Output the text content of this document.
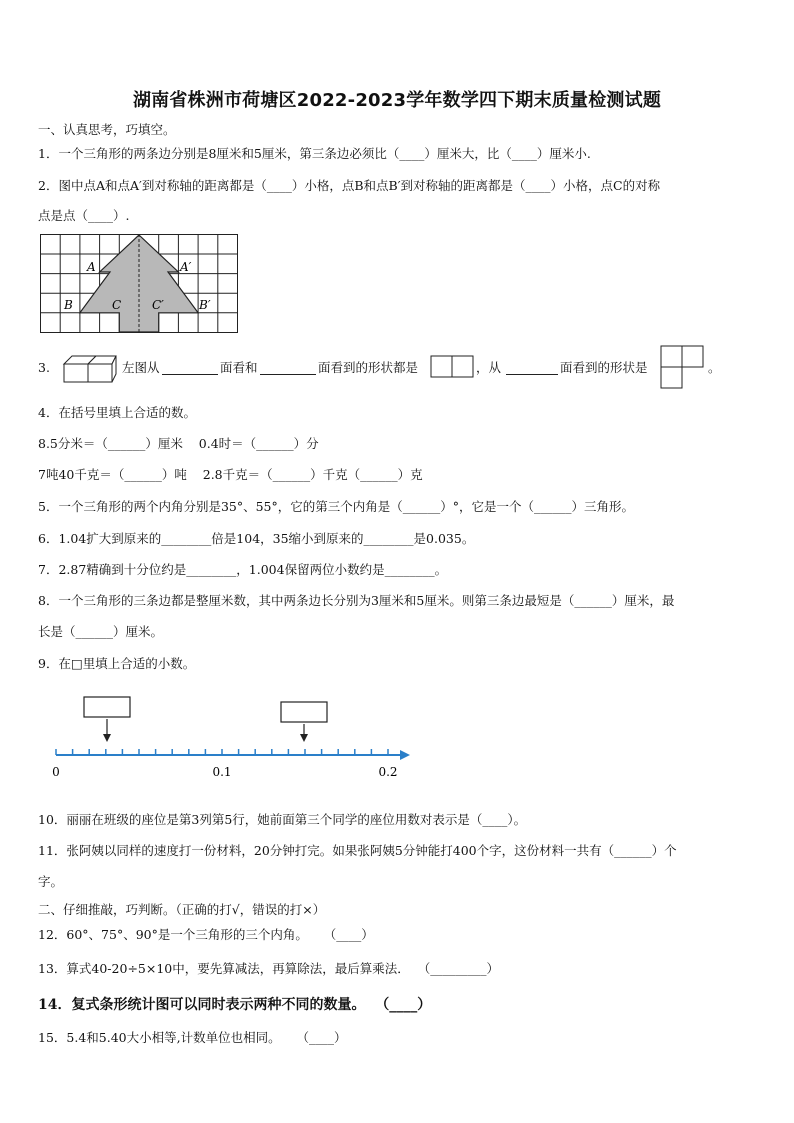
湖南省株洲市荷塘区2022-2023学年数学四下期末质量检测试题
一、认真思考，巧填空。
1．一个三角形的两条边分别是8厘米和5厘米，第三条边必须比（____）厘米大，比（____）厘米小.
2．图中点A和点A′到对称轴的距离都是（____）小格，点B和点B′到对称轴的距离都是（____）小格，点C的对称
点是点（____）.
A	A′
B	B′
C	C′
3.	左图从	面看和	面看到的形状都是	，从	面看到的形状是	。
4．在括号里填上合适的数。
8.5分米＝（______）厘米    0.4时＝（______）分
7吨40千克＝（______）吨    2.8千克＝（______）千克（______）克
5．一个三角形的两个内角分别是35°、55°，它的第三个内角是（______）°，它是一个（______）三角形。
6．1.04扩大到原来的________倍是104，35缩小到原来的________是0.035。
7．2.87精确到十分位约是________，1.004保留两位小数约是________。
8．一个三角形的三条边都是整厘米数，其中两条边长分别为3厘米和5厘米。则第三条边最短是（______）厘米，最
长是（______）厘米。
9．在□里填上合适的小数。
0	0.1	0.2
10．丽丽在班级的座位是第3列第5行，她前面第三个同学的座位用数对表示是（____）。
11．张阿姨以同样的速度打一份材料，20分钟打完。如果张阿姨5分钟能打400个字，这份材料一共有（______）个
字。
二、仔细推敲，巧判断。（正确的打√，错误的打×）
12．60°、75°、90°是一个三角形的三个内角。    （____）
13．算式40-20÷5×10中，要先算减法，再算除法，最后算乘法．  （_________）
14．复式条形统计图可以同时表示两种不同的数量。  （____）
15．5.4和5.40大小相等,计数单位也相同。    （____）
